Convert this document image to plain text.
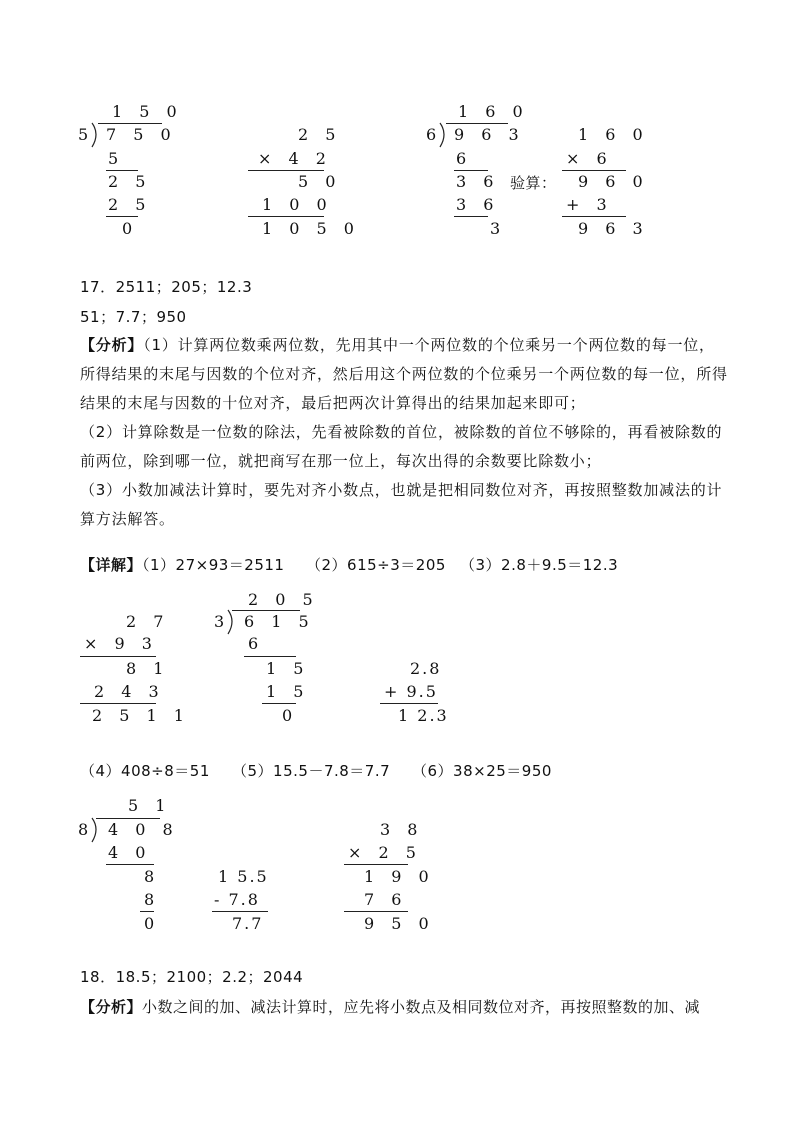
1 5 0
5 7 5 0
5
2 5
2 5
0
2 5
× 4 2
5 0
1 0 0
1 0 5 0
1 6 0
6 9 6 3
6
3 6
3 6
3
验算：
1 6 0
× 6
9 6 0
+ 3
9 6 3
17．2511；205；12.3
51；7.7；950
【分析】（1）计算两位数乘两位数，先用其中一个两位数的个位乘另一个两位数的每一位，所得结果的末尾与因数的个位对齐，然后用这个两位数的个位乘另一个两位数的每一位，所得结果的末尾与因数的十位对齐，最后把两次计算得出的结果加起来即可；
（2）计算除数是一位数的除法，先看被除数的首位，被除数的首位不够除的，再看被除数的前两位，除到哪一位，就把商写在那一位上，每次出得的余数要比除数小；
（3）小数加减法计算时，要先对齐小数点，也就是把相同数位对齐，再按照整数加减法的计算方法解答。
【详解】（1）27×93＝2511 （2）615÷3＝205 （3）2.8＋9.5＝12.3
2 7
× 9 3
8 1
2 4 3
2 5 1 1
2 0 5
3 6 1 5
6
1 5
1 5
0
2.8
+ 9.5
1 2.3
（4）408÷8＝51 （5）15.5－7.8＝7.7 （6）38×25＝950
5 1
8 4 0 8
4 0
8
8
0
1 5.5
- 7.8
7.7
3 8
× 2 5
1 9 0
7 6
9 5 0
18．18.5；2100；2.2；2044
【分析】小数之间的加、减法计算时，应先将小数点及相同数位对齐，再按照整数的加、减
